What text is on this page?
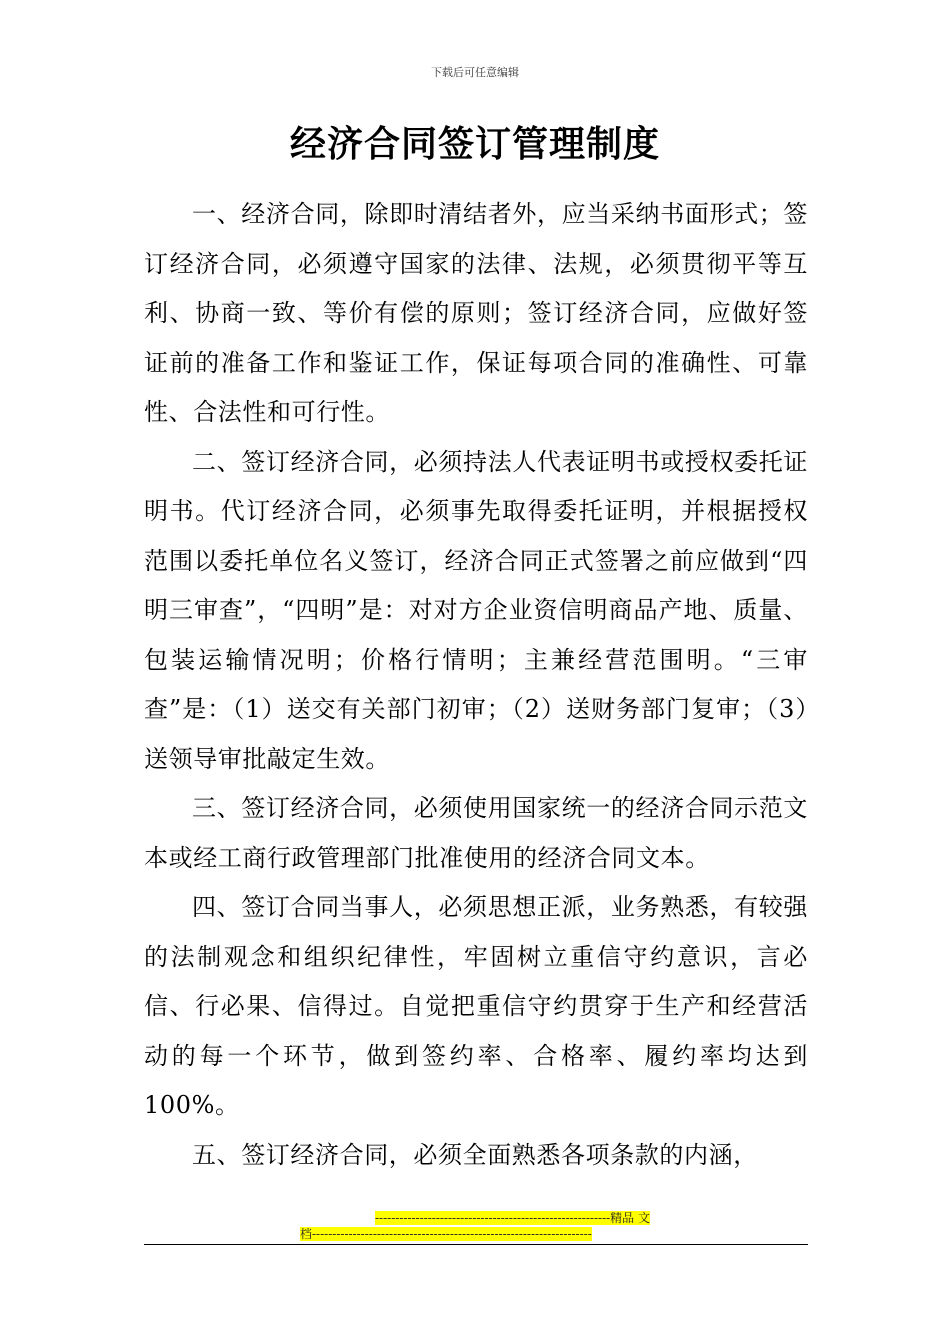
下载后可任意编辑
经济合同签订管理制度

一、经济合同，除即时清结者外，应当采纳书面形式；签订经济合同，必须遵守国家的法律、法规，必须贯彻平等互利、协商一致、等价有偿的原则；签订经济合同，应做好签证前的准备工作和鉴证工作，保证每项合同的准确性、可靠性、合法性和可行性。

二、签订经济合同，必须持法人代表证明书或授权委托证明书。代订经济合同，必须事先取得委托证明，并根据授权范围以委托单位名义签订，经济合同正式签署之前应做到“四明三审查”，“四明”是：对对方企业资信明商品产地、质量、包装运输情况明；价格行情明；主兼经营范围明。“三审查”是：（1）送交有关部门初审；（2）送财务部门复审；（3）送领导审批敲定生效。

三、签订经济合同，必须使用国家统一的经济合同示范文本或经工商行政管理部门批准使用的经济合同文本。

四、签订合同当事人，必须思想正派，业务熟悉，有较强的法制观念和组织纪律性，牢固树立重信守约意识，言必信、行必果、信得过。自觉把重信守约贯穿于生产和经营活动的每一个环节，做到签约率、合格率、履约率均达到100%。

五、签订经济合同，必须全面熟悉各项条款的内涵，

----------------------------------------------------------精品 文
档---------------------------------------------------------------------
